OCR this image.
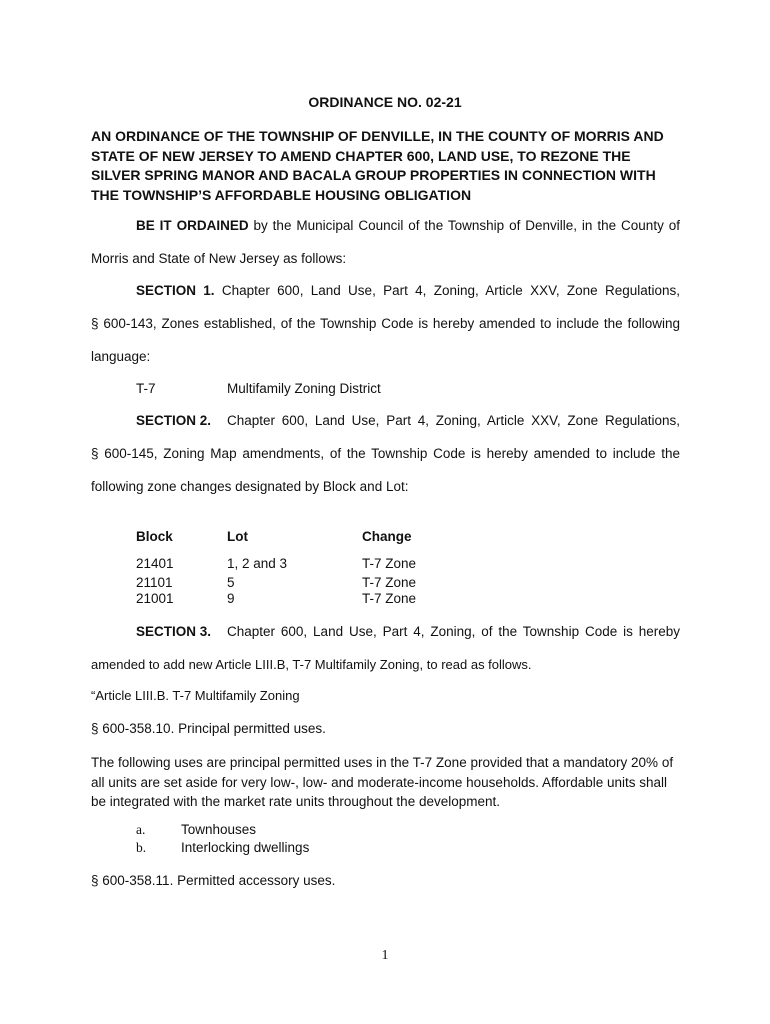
ORDINANCE NO. 02-21
AN ORDINANCE OF THE TOWNSHIP OF DENVILLE, IN THE COUNTY OF MORRIS AND STATE OF NEW JERSEY TO AMEND CHAPTER 600, LAND USE, TO REZONE THE SILVER SPRING MANOR AND BACALA GROUP PROPERTIES IN CONNECTION WITH THE TOWNSHIP’S AFFORDABLE HOUSING OBLIGATION
BE IT ORDAINED by the Municipal Council of the Township of Denville, in the County of
Morris and State of New Jersey as follows:
SECTION 1. Chapter 600, Land Use, Part 4, Zoning, Article XXV, Zone Regulations,
§ 600-143, Zones established, of the Township Code is hereby amended to include the following
language:
T-7	Multifamily Zoning District
SECTION 2. Chapter 600, Land Use, Part 4, Zoning, Article XXV, Zone Regulations,
§ 600-145, Zoning Map amendments, of the Township Code is hereby amended to include the
following zone changes designated by Block and Lot:
Block	Lot	Change
21401	1, 2 and 3	T-7 Zone
21101	5	T-7 Zone
21001	9	T-7 Zone
SECTION 3. Chapter 600, Land Use, Part 4, Zoning, of the Township Code is hereby
amended to add new Article LIII.B, T-7 Multifamily Zoning, to read as follows.
“Article LIII.B. T-7 Multifamily Zoning
§ 600-358.10. Principal permitted uses.
The following uses are principal permitted uses in the T-7 Zone provided that a mandatory 20% of all units are set aside for very low-, low- and moderate-income households. Affordable units shall be integrated with the market rate units throughout the development.
a.	Townhouses
b.	Interlocking dwellings
§ 600-358.11. Permitted accessory uses.
1
